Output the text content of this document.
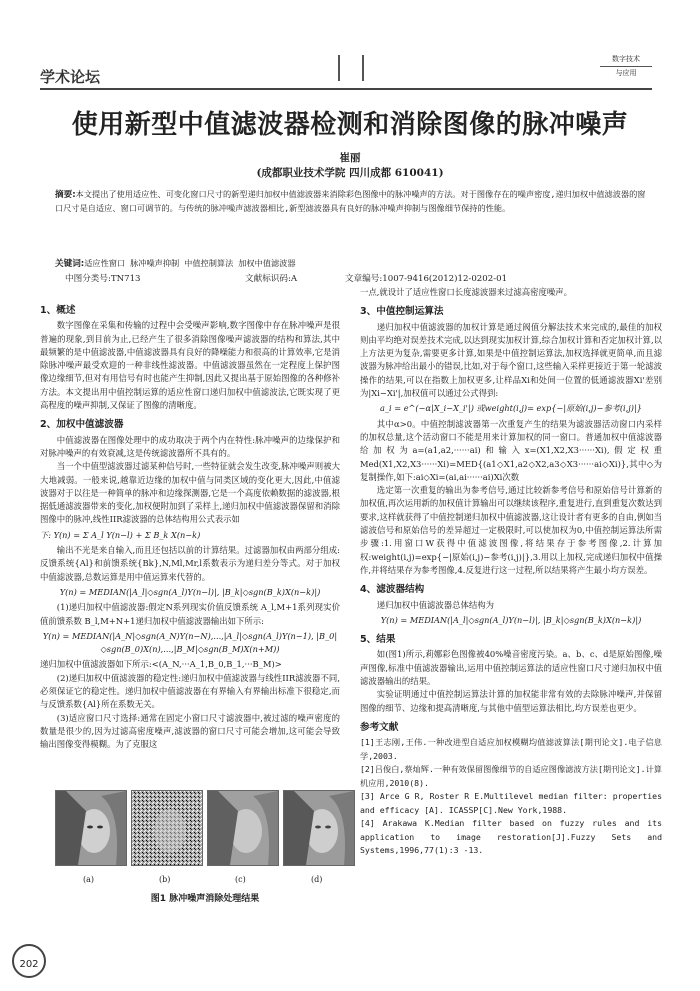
学术论坛
数字技术
与应用
使用新型中值滤波器检测和消除图像的脉冲噪声
崔丽
(成都职业技术学院 四川成都 610041)
摘要:本文提出了使用适应性、可变化窗口尺寸的新型递归加权中值滤波器来消除彩色图像中的脉冲噪声的方法。对于图像存在的噪声密度,递归加权中值滤波器的窗口尺寸是自适应、窗口可调节的。与传统的脉冲噪声滤波器相比,新型滤波器具有良好的脉冲噪声抑制与图像细节保持的性能。
关键词:适应性窗口 脉冲噪声抑制 中值控制算法 加权中值滤波器
中图分类号:TN713	文献标识码:A	文章编号:1007-9416(2012)12-0202-01
1、概述

数字图像在采集和传输的过程中会受噪声影响,数字图像中存在脉冲噪声是很普遍的现象,到目前为止,已经产生了很多消除图像噪声滤波器的结构和算法,其中最频繁的是中值滤波器,中值滤波器具有良好的降噪能力和很高的计算效率,它是消除脉冲噪声最受欢迎的一种非线性滤波器。中值滤波器虽然在一定程度上保护图像边缘细节,但对有用信号有时也能产生抑制,因此又提出基于原始图像的各种修补方法。本文提出用中值控制运算的适应性窗口递归加权中值滤波法,它既实现了更高程度的噪声抑制,又保证了图像的清晰度。

2、加权中值滤波器

中值滤波器在图像处理中的成功取决于两个内在特性:脉冲噪声的边缘保护和对脉冲噪声的有效衰减,这是传统滤波器所不具有的。

当一个中值型滤波器过滤某种信号时,一些特征就会发生改变,脉冲噪声则被大大地减弱。一般来说,越靠近边缘的加权中值与同类区域的变化更大,因此,中值滤波器对于以往是一种简单的脉冲和边缘探测器,它是一个高度依赖数据的滤波器,根据低通滤波器带来的变化,加权便附加到了采样上,递归加权中值滤波器保留和消除图像中的脉冲,线性IIR滤波器的总体结构用公式表示如

下: Y(n) = Σ A_l Y(n−l) + Σ B_k X(n−k)

输出不光是来自输入,而且还包括以前的计算结果。过滤器加权由两部分组成:反馈系统{Al}和前馈系统{Bk},N,Ml,Mr,l系数表示为递归差分等式。对于加权中值滤波器,总数运算是用中值运算来代替的。

Y(n) = MEDIAN(|A_l|◇sgn(A_l)Y(n−l)|, |B_k|◇sgn(B_k)X(n−k)|)

(1)递归加权中值滤波器:假定N系列现实价值反馈系统 A_l,M+1系列现实价值前馈系数 B_l,M+N+1递归加权中值滤波器输出如下所示:

Y(n) = MEDIAN(|A_N|◇sgn(A_N)Y(n−N),...,|A_l|◇sgn(A_l)Y(n−1), |B_0|◇sgn(B_0)X(n),...,|B_M|◇sgn(B_M)X(n+M))

递归加权中值滤波器如下所示:<(A_N,···A_1,B_0,B_1,···B_M)>

(2)递归加权中值滤波器的稳定性:递归加权中值滤波器与线性IIR滤波器不同,必须保证它的稳定性。递归加权中值滤波器在有界输入有界输出标准下很稳定,而与反馈系数{Al}所在系数无关。

(3)适应窗口尺寸选择:通常在固定小窗口尺寸滤波器中,被过滤的噪声密度的数量是很少的,因为过滤高密度噪声,滤波器的窗口尺寸可能会增加,这可能会导致输出图像变得模糊。为了克服这

(a)	(b)	(c)	(d)
图1 脉冲噪声消除处理结果

一点,就设计了适应性窗口长度滤波器来过滤高密度噪声。

3、中值控制运算法

递归加权中值滤波器的加权计算是通过阀值分解法技术来完成的,最佳的加权则由平均绝对误差技术完成,以达到现实加权计算,综合加权计算和否定加权计算,以上方法更为复杂,需要更多计算,如果是中值控制运算法,加权选择就更简单,而且滤波器为脉冲给出最小的错误,比如,对于每个窗口,这些输入采样更接近于第一轮滤波操作的结果,可以在指数上加权更多,让样品Xi和处间一位置的低通滤波器Xi'差别为|Xi−Xi'|,加权值可以通过公式得到:

a_i = e^(−α|X_i−X_i'|) 或weight(i,j)= exp{−|原始(i,j)−参考(i,j)|}

其中α>0。中值控制滤波器第一次重复产生的结果为滤波器活动窗口内采样的加权总量,这个活动窗口不能是用来计算加权的同一窗口。普通加权中值滤波器给加权为a=(a1,a2,······ai)和输入x=(X1,X2,X3······Xi),假定权重Med(X1,X2,X3······Xi)=MED{(a1◇X1,a2◇X2,a3◇X3······ai◇Xi)},其中◇为复制操作,如下:ai◇Xi=(ai,ai······ai)Xi次数

选定第一次重复的输出为参考信号,通过比较新参考信号和原始信号计算新的加权值,再次运用新的加权值计算输出可以继续该程序,重复进行,直到重复次数达到要求,这样就获得了中值控制递归加权中值滤波器,这让设计者有更多的自由,例如当滤波信号和原始信号的差异超过一定极限时,可以使加权为0,中值控制运算法所需步骤:1.用窗口W获得中值滤波图像,将结果存于参考图像,2.计算加权:weight(i,j)=exp{−|原始(i,j)−参考(i,j)|},3.用以上加权,完成递归加权中值操作,并将结果存为参考图像,4.反复进行这一过程,所以结果将产生最小均方误差。

4、滤波器结构

递归加权中值滤波器总体结构为

Y(n) = MEDIAN(|A_l|◇sgn(A_l)Y(n−l)|, |B_k|◇sgn(B_k)X(n−k)|)
5、结果

如(图1)所示,莉娜彩色图像被40%噪音密度污染。a、b、c、d是原始图像,噪声图像,标准中值滤波器输出,运用中值控制运算法的适应性窗口尺寸递归加权中值滤波器输出的结果。

实验证明通过中值控制运算法计算的加权能非常有效的去除脉冲噪声,并保留图像的细节、边缘和提高清晰度,与其他中值型运算法相比,均方误差也更少。

参考文献
[1]王志刚,王伟.一种改进型自适应加权模糊均值滤波算法[期刊论文].电子信息学,2003.
[2]吕俊白,蔡灿辉.一种有效保留图像细节的自适应图像滤波方法[期刊论文].计算机应用,2010(8).
[3] Arce G R, Roster R E.Multilevel median filter: properties and efficacy [A]. ICASSP[C].New York,1988.
[4] Arakawa K.Median filter based on fuzzy rules and its application to image restoration[J].Fuzzy Sets and Systems,1996,77(1):3 -13.
202
